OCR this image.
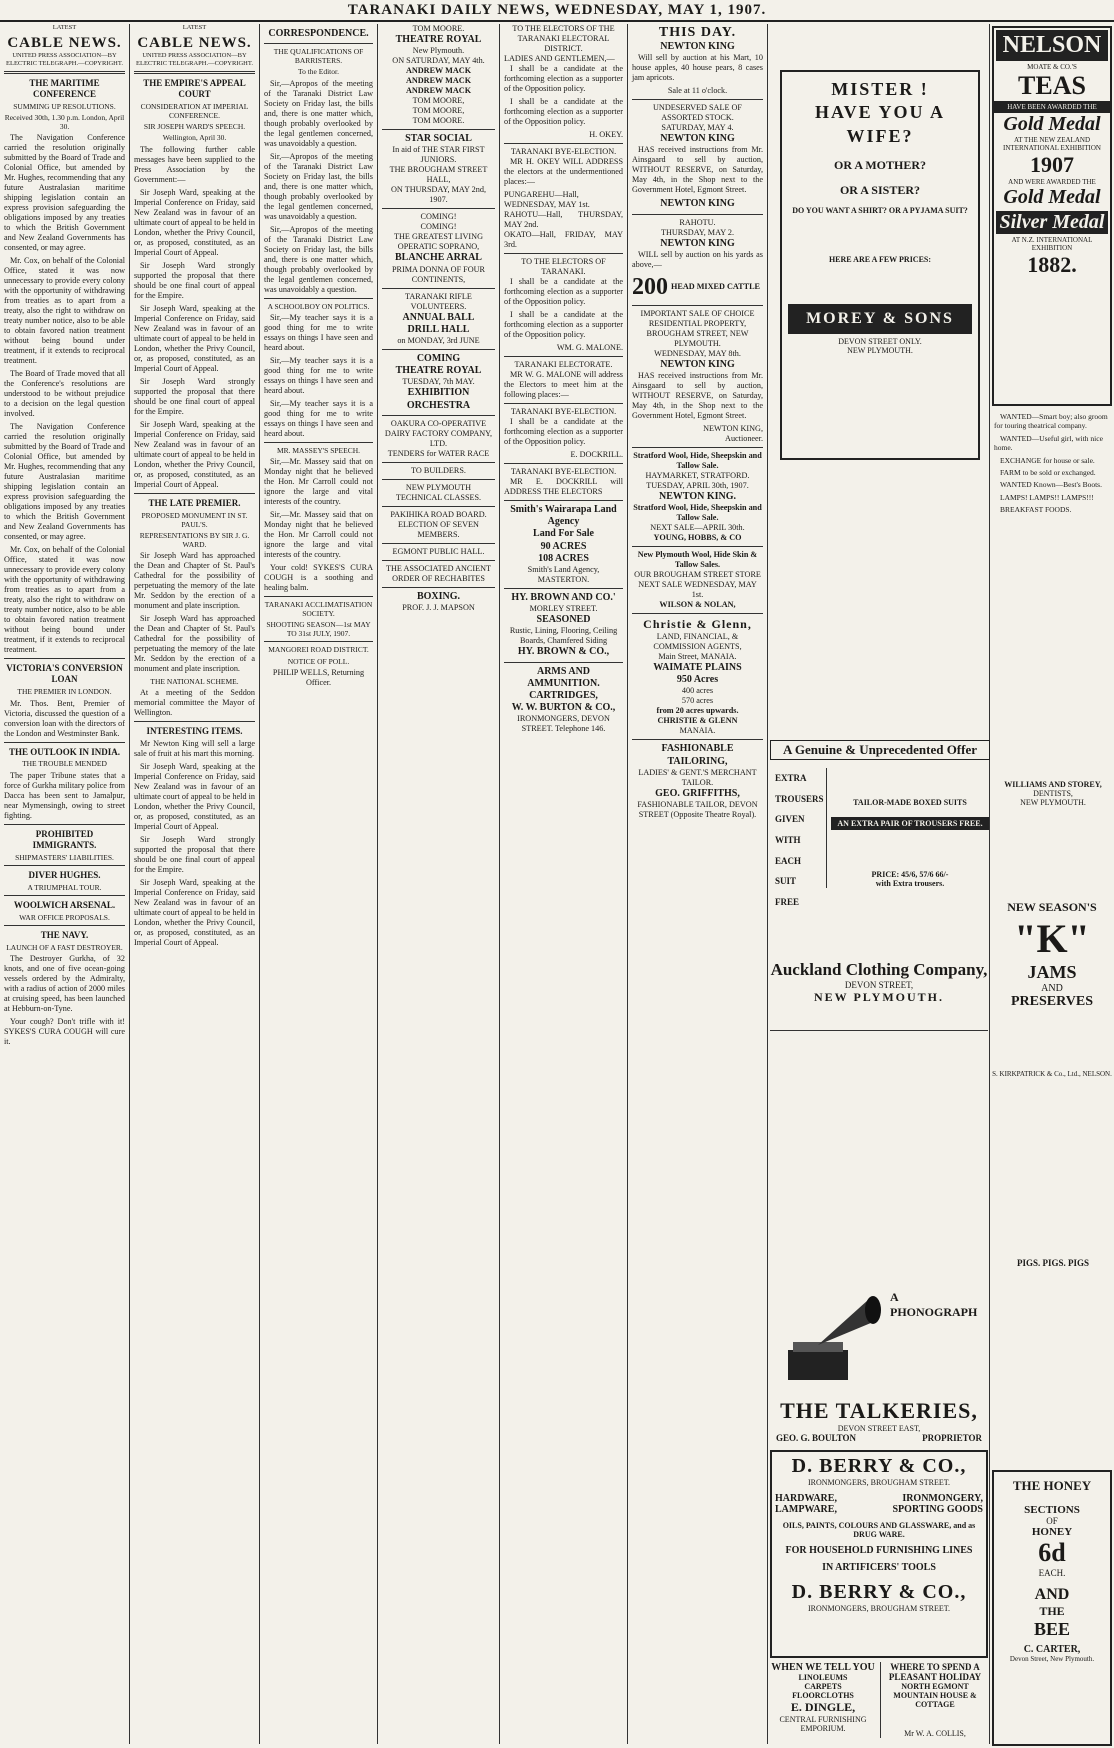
TARANAKI DAILY NEWS, WEDNESDAY, MAY 1, 1907.
LATEST
CABLE NEWS.
UNITED PRESS ASSOCIATION—BY
ELECTRIC TELEGRAPH.—COPYRIGHT.
THE MARITIME CONFERENCE
SUMMING UP RESOLUTIONS.
Received 30th, 1.30 p.m. London, April 30.

The Navigation Conference carried the resolution originally submitted by the Board of Trade and Colonial Office, but amended by Mr. Hughes, recommending that any future Australasian maritime shipping legislation contain an express provision safeguarding the obligations imposed by any treaties to which the British Government and New Zealand Governments has consented, or may agree.

Mr. Cox, on behalf of the Colonial Office, stated it was now unnecessary to provide every colony with the opportunity of withdrawing from treaties as to apart from a treaty, also the right to withdraw on treaty number notice, also to be able to obtain favored nation treatment without being bound under treatment, if it extends to reciprocal treatment.

The Board of Trade moved that all the Conference's resolutions are understood to be without prejudice to a decision on the legal question involved.

The Navigation Conference carried the resolution originally submitted by the Board of Trade and Colonial Office, but amended by Mr. Hughes, recommending that any future Australasian maritime shipping legislation contain an express provision safeguarding the obligations imposed by any treaties to which the British Government and New Zealand Governments has consented, or may agree.

Mr. Cox, on behalf of the Colonial Office, stated it was now unnecessary to provide every colony with the opportunity of withdrawing from treaties as to apart from a treaty, also the right to withdraw on treaty number notice, also to be able to obtain favored nation treatment without being bound under treatment, if it extends to reciprocal treatment.

VICTORIA'S CONVERSION LOAN
THE PREMIER IN LONDON.

Mr. Thos. Bent, Premier of Victoria, discussed the question of a conversion loan with the directors of the London and Westminster Bank.

THE OUTLOOK IN INDIA.
THE TROUBLE MENDED

The paper Tribune states that a force of Gurkha military police from Dacca has been sent to Jamalpur, near Mymensingh, owing to street fighting.

PROHIBITED IMMIGRANTS.
SHIPMASTERS' LIABILITIES.
DIVER HUGHES.
A TRIUMPHAL TOUR.
WOOLWICH ARSENAL.
WAR OFFICE PROPOSALS.
THE NAVY.
LAUNCH OF A FAST DESTROYER.

The Destroyer Gurkha, of 32 knots, and one of five ocean-going vessels ordered by the Admiralty, with a radius of action of 2000 miles at cruising speed, has been launched at Hebburn-on-Tyne.

Your cough? Don't trifle with it! SYKES'S CURA COUGH will cure it.

LATEST
CABLE NEWS.
UNITED PRESS ASSOCIATION—BY
ELECTRIC TELEGRAPH.—COPYRIGHT.
THE EMPIRE'S APPEAL COURT
CONSIDERATION AT IMPERIAL CONFERENCE.
SIR JOSEPH WARD'S SPEECH.
Wellington, April 30.

The following further cable messages have been supplied to the Press Association by the Government:—

Sir Joseph Ward, speaking at the Imperial Conference on Friday, said New Zealand was in favour of an ultimate court of appeal to be held in London, whether the Privy Council, or, as proposed, constituted, as an Imperial Court of Appeal.

Sir Joseph Ward strongly supported the proposal that there should be one final court of appeal for the Empire.

Sir Joseph Ward, speaking at the Imperial Conference on Friday, said New Zealand was in favour of an ultimate court of appeal to be held in London, whether the Privy Council, or, as proposed, constituted, as an Imperial Court of Appeal.

Sir Joseph Ward strongly supported the proposal that there should be one final court of appeal for the Empire.

Sir Joseph Ward, speaking at the Imperial Conference on Friday, said New Zealand was in favour of an ultimate court of appeal to be held in London, whether the Privy Council, or, as proposed, constituted, as an Imperial Court of Appeal.

THE LATE PREMIER.
PROPOSED MONUMENT IN ST. PAUL'S.
REPRESENTATIONS BY SIR J. G. WARD.

Sir Joseph Ward has approached the Dean and Chapter of St. Paul's Cathedral for the possibility of perpetuating the memory of the late Mr. Seddon by the erection of a monument and plate inscription.

Sir Joseph Ward has approached the Dean and Chapter of St. Paul's Cathedral for the possibility of perpetuating the memory of the late Mr. Seddon by the erection of a monument and plate inscription.

THE NATIONAL SCHEME.

At a meeting of the Seddon memorial committee the Mayor of Wellington.

INTERESTING ITEMS.

Mr Newton King will sell a large sale of fruit at his mart this morning.

Sir Joseph Ward, speaking at the Imperial Conference on Friday, said New Zealand was in favour of an ultimate court of appeal to be held in London, whether the Privy Council, or, as proposed, constituted, as an Imperial Court of Appeal.

Sir Joseph Ward strongly supported the proposal that there should be one final court of appeal for the Empire.

Sir Joseph Ward, speaking at the Imperial Conference on Friday, said New Zealand was in favour of an ultimate court of appeal to be held in London, whether the Privy Council, or, as proposed, constituted, as an Imperial Court of Appeal.

CORRESPONDENCE.
THE QUALIFICATIONS OF BARRISTERS.
To the Editor.

Sir,—Apropos of the meeting of the Taranaki District Law Society on Friday last, the bills and, there is one matter which, though probably overlooked by the legal gentlemen concerned, was unavoidably a question.

Sir,—Apropos of the meeting of the Taranaki District Law Society on Friday last, the bills and, there is one matter which, though probably overlooked by the legal gentlemen concerned, was unavoidably a question.

Sir,—Apropos of the meeting of the Taranaki District Law Society on Friday last, the bills and, there is one matter which, though probably overlooked by the legal gentlemen concerned, was unavoidably a question.

A SCHOOLBOY ON POLITICS.

Sir,—My teacher says it is a good thing for me to write essays on things I have seen and heard about.

Sir,—My teacher says it is a good thing for me to write essays on things I have seen and heard about.

Sir,—My teacher says it is a good thing for me to write essays on things I have seen and heard about.

MR. MASSEY'S SPEECH.

Sir,—Mr. Massey said that on Monday night that he believed the Hon. Mr Carroll could not ignore the large and vital interests of the country.

Sir,—Mr. Massey said that on Monday night that he believed the Hon. Mr Carroll could not ignore the large and vital interests of the country.

Your cold! SYKES'S CURA COUGH is a soothing and healing balm.

TARANAKI ACCLIMATISATION SOCIETY.
SHOOTING SEASON—1st MAY TO 31st JULY, 1907.
MANGOREI ROAD DISTRICT.
NOTICE OF POLL.
PHILIP WELLS, Returning Officer.
TOM MOORE.
THEATRE ROYAL
New Plymouth.
ON SATURDAY, MAY 4th.
ANDREW MACK
ANDREW MACK
ANDREW MACK
TOM MOORE,
TOM MOORE,
TOM MOORE.
STAR SOCIAL
In aid of THE STAR FIRST JUNIORS.
THE BROUGHAM STREET HALL,
ON THURSDAY, MAY 2nd, 1907.
COMING!
COMING!
THE GREATEST LIVING OPERATIC SOPRANO,
BLANCHE ARRAL
PRIMA DONNA OF FOUR CONTINENTS,
TARANAKI RIFLE VOLUNTEERS.
ANNUAL BALL
DRILL HALL
on MONDAY, 3rd JUNE
COMING
THEATRE ROYAL
TUESDAY, 7th MAY.
EXHIBITION ORCHESTRA
OAKURA CO-OPERATIVE DAIRY FACTORY COMPANY, LTD.
TENDERS for WATER RACE
TO BUILDERS.
NEW PLYMOUTH TECHNICAL CLASSES.
PAKIHIKA ROAD BOARD.
ELECTION OF SEVEN MEMBERS.
EGMONT PUBLIC HALL.
THE ASSOCIATED ANCIENT ORDER OF RECHABITES
BOXING.
PROF. J. J. MAPSON
TO THE ELECTORS OF THE TARANAKI ELECTORAL DISTRICT.
LADIES AND GENTLEMEN,—

I shall be a candidate at the forthcoming election as a supporter of the Opposition policy.

I shall be a candidate at the forthcoming election as a supporter of the Opposition policy.

H. OKEY.
TARANAKI BYE-ELECTION.

MR H. OKEY WILL ADDRESS the electors at the undermentioned places:—

PUNGAREHU—Hall, WEDNESDAY, MAY 1st.
RAHOTU—Hall, THURSDAY, MAY 2nd.
OKATO—Hall, FRIDAY, MAY 3rd.
TO THE ELECTORS OF TARANAKI.

I shall be a candidate at the forthcoming election as a supporter of the Opposition policy.

I shall be a candidate at the forthcoming election as a supporter of the Opposition policy.

WM. G. MALONE.
TARANAKI ELECTORATE.

MR W. G. MALONE will address the Electors to meet him at the following places:—

TARANAKI BYE-ELECTION.

I shall be a candidate at the forthcoming election as a supporter of the Opposition policy.

E. DOCKRILL.
TARANAKI BYE-ELECTION.

MR E. DOCKRILL will ADDRESS THE ELECTORS

Smith's Wairarapa Land Agency
Land For Sale
90 ACRES
108 ACRES
Smith's Land Agency,
MASTERTON.
HY. BROWN AND CO.'
MORLEY STREET.
SEASONED
Rustic, Lining, Flooring, Ceiling Boards, Chamfered Siding
HY. BROWN & CO.,
ARMS AND AMMUNITION.
CARTRIDGES,
W. W. BURTON & CO.,
IRONMONGERS, DEVON STREET. Telephone 146.
THIS DAY.
NEWTON KING

Will sell by auction at his Mart, 10 house apples, 40 house pears, 8 cases jam apricots.

Sale at 11 o'clock.
UNDESERVED SALE OF ASSORTED STOCK.
SATURDAY, MAY 4.
NEWTON KING

HAS received instructions from Mr. Ainsgaard to sell by auction, WITHOUT RESERVE, on Saturday, May 4th, in the Shop next to the Government Hotel, Egmont Street.

NEWTON KING
RAHOTU.
THURSDAY, MAY 2.
NEWTON KING

WILL sell by auction on his yards as above,—

200 HEAD MIXED CATTLE
IMPORTANT SALE OF CHOICE RESIDENTIAL PROPERTY, BROUGHAM STREET, NEW PLYMOUTH.
WEDNESDAY, MAY 8th.
NEWTON KING

HAS received instructions from Mr. Ainsgaard to sell by auction, WITHOUT RESERVE, on Saturday, May 4th, in the Shop next to the Government Hotel, Egmont Street.

NEWTON KING,
Auctioneer.
Stratford Wool, Hide, Sheepskin and Tallow Sale.
HAYMARKET, STRATFORD.
TUESDAY, APRIL 30th, 1907.
NEWTON KING.
Stratford Wool, Hide, Sheepskin and Tallow Sale.
NEXT SALE—APRIL 30th.
YOUNG, HOBBS, & CO
New Plymouth Wool, Hide Skin & Tallow Sales.
OUR BROUGHAM STREET STORE
NEXT SALE WEDNESDAY, MAY 1st.
WILSON & NOLAN,
Christie & Glenn,
LAND, FINANCIAL, & COMMISSION AGENTS,
Main Street, MANAIA.
WAIMATE PLAINS
950 Acres
400 acres
570 acres
from 20 acres upwards.
CHRISTIE & GLENN
MANAIA.
FASHIONABLE TAILORING,
LADIES' & GENT.'S MERCHANT TAILOR.
GEO. GRIFFITHS,
FASHIONABLE TAILOR, DEVON STREET (Opposite Theatre Royal).
MISTER !
HAVE YOU A
WIFE?
OR A MOTHER?
OR A SISTER?
DO YOU WANT A SHIRT? OR A PYJAMA SUIT?
HERE ARE A FEW PRICES:
MOREY & SONS
DEVON STREET ONLY.
NEW PLYMOUTH.
A Genuine & Unprecedented Offer
EXTRA
TROUSERS
GIVEN
WITH
EACH
SUIT
FREE
TAILOR-MADE BOXED SUITS
AN EXTRA PAIR OF TROUSERS FREE.
PRICE: 45/6, 57/6 66/-
with Extra trousers.
Auckland Clothing Company,
DEVON STREET,
NEW PLYMOUTH.
A PHONOGRAPH
THE TALKERIES,
DEVON STREET EAST,
GEO. G. BOULTON	PROPRIETOR
D. BERRY & CO.,
IRONMONGERS, BROUGHAM STREET.
HARDWARE,	IRONMONGERY,
LAMPWARE,	SPORTING GOODS
OILS, PAINTS, COLOURS AND GLASSWARE, and as DRUG WARE.
FOR HOUSEHOLD FURNISHING LINES
IN ARTIFICERS' TOOLS
D. BERRY & CO.,
IRONMONGERS, BROUGHAM STREET.
WHEN WE TELL YOU
LINOLEUMS
CARPETS
FLOORCLOTHS
E. DINGLE,
CENTRAL FURNISHING EMPORIUM.
WHERE TO SPEND A PLEASANT HOLIDAY
NORTH EGMONT MOUNTAIN HOUSE & COTTAGE
Mr W. A. COLLIS,
NELSON
MOATE & CO.'S
TEAS
HAVE BEEN AWARDED THE
Gold Medal
AT THE NEW ZEALAND INTERNATIONAL EXHIBITION
1907
AND WERE AWARDED THE
Gold Medal
Silver Medal
AT N.Z. INTERNATIONAL EXHIBITION
1882.

WANTED—Smart boy; also groom for touring theatrical company.

WANTED—Useful girl, with nice home.

EXCHANGE for house or sale.

FARM to be sold or exchanged.

WANTED Known—Best's Boots.

LAMPS! LAMPS!! LAMPS!!!

BREAKFAST FOODS.

WILLIAMS AND STOREY,
DENTISTS,
NEW PLYMOUTH.
NEW SEASON'S
"K"
JAMS
AND
PRESERVES
S. KIRKPATRICK & Co., Ltd., NELSON.
PIGS. PIGS. PIGS
THE HONEY
SECTIONS
OF
HONEY
6d
EACH.
AND
THE
BEE
C. CARTER,
Devon Street, New Plymouth.
